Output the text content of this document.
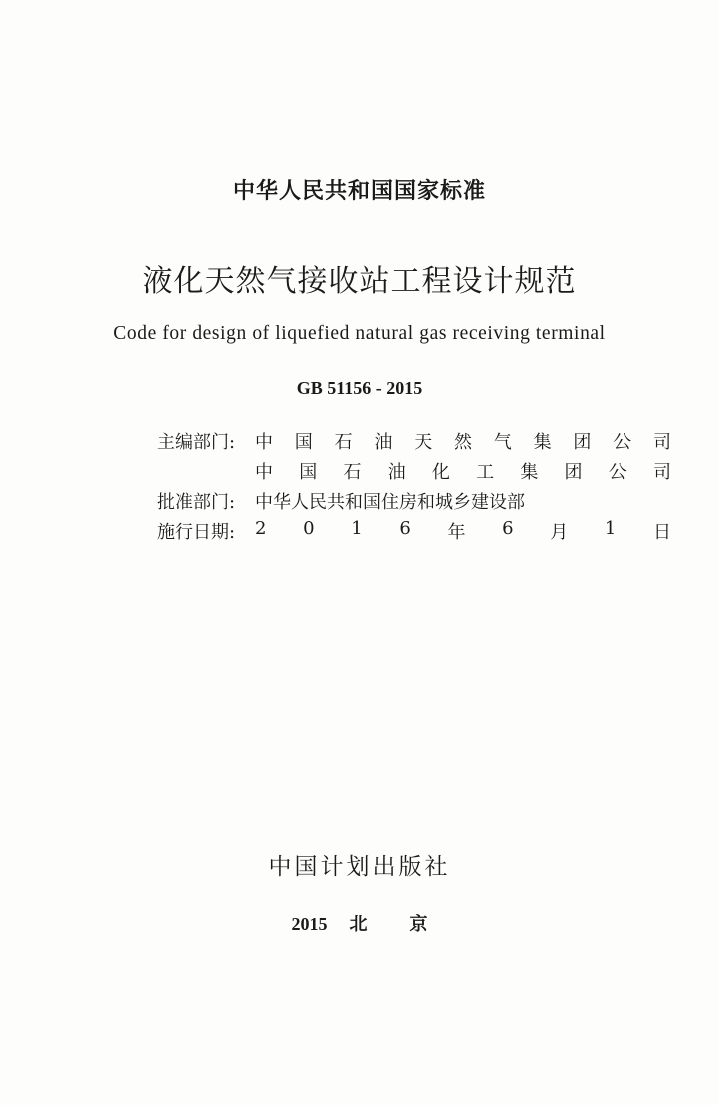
中华人民共和国国家标准
液化天然气接收站工程设计规范
Code for design of liquefied natural gas receiving terminal
GB 51156 - 2015
主编部门:	中 国 石 油 天 然 气 集 团 公 司
中 国 石 油 化 工 集 团 公 司
批准部门:	中华人民共和国住房和城乡建设部
施行日期:	2 0 1 6 年 6 月 1 日
中国计划出版社
2015 北 京
